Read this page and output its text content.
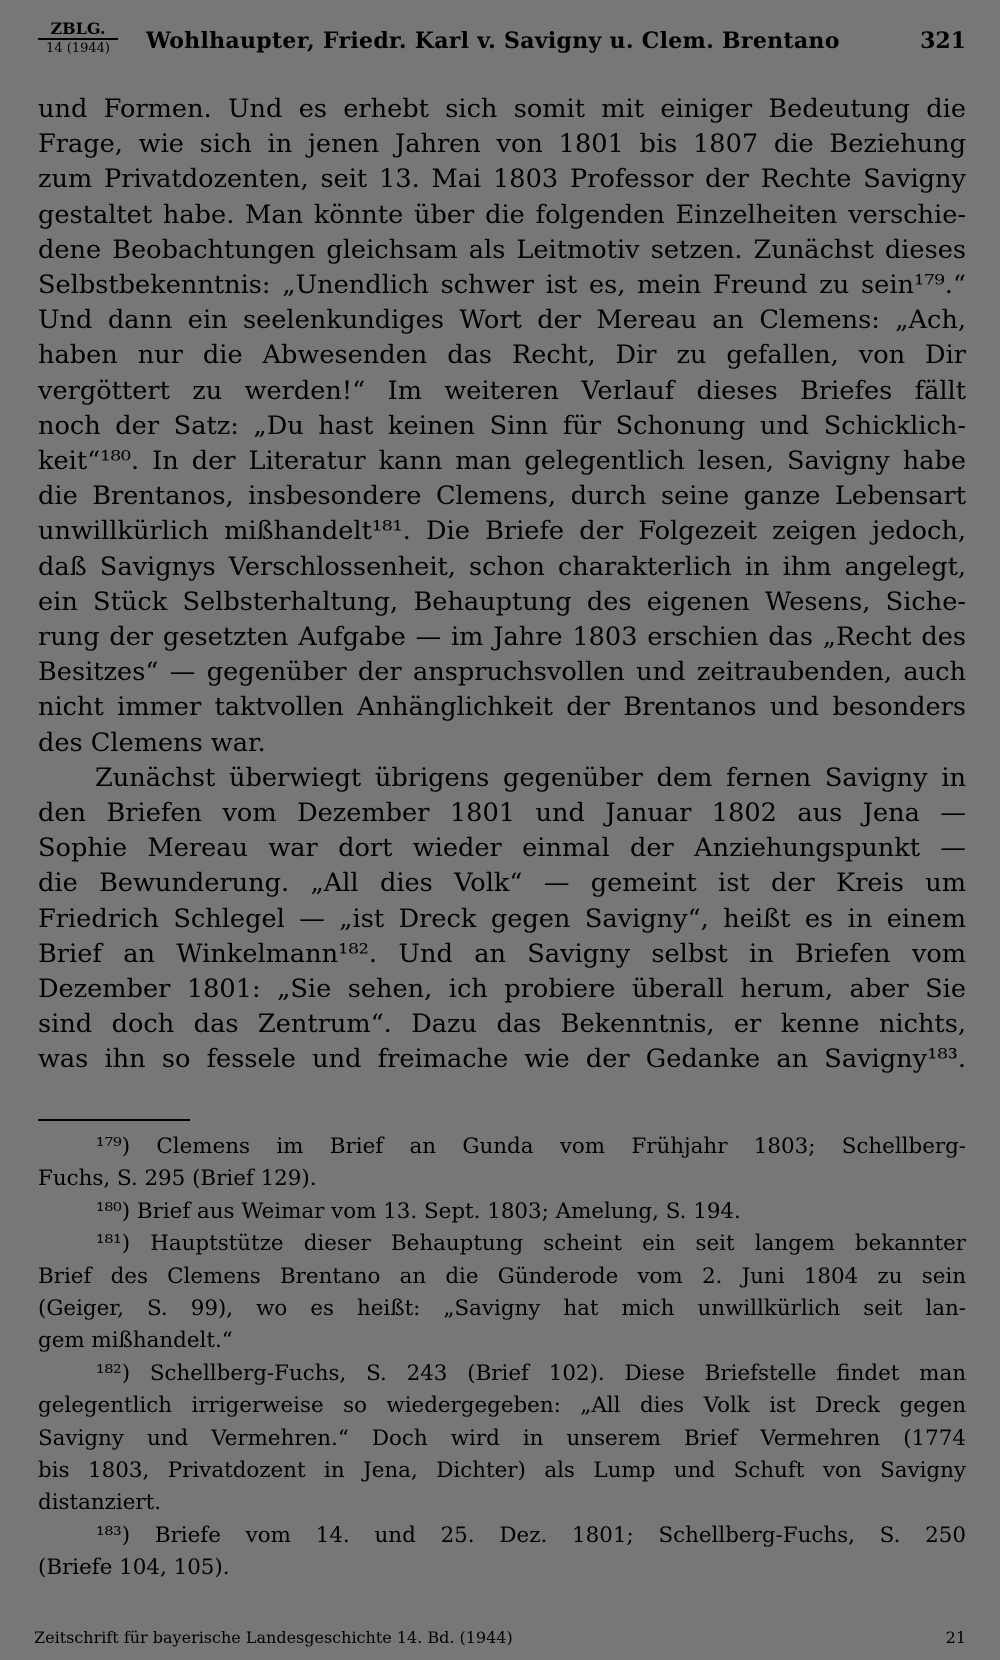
ZBLG.
14 (1944)	Wohlhaupter, Friedr. Karl v. Savigny u. Clem. Brentano	321
und Formen. Und es erhebt sich somit mit einiger Bedeutung die
Frage, wie sich in jenen Jahren von 1801 bis 1807 die Beziehung
zum Privatdozenten, seit 13. Mai 1803 Professor der Rechte Savigny
gestaltet habe. Man könnte über die folgenden Einzelheiten verschie-
dene Beobachtungen gleichsam als Leitmotiv setzen. Zunächst dieses
Selbstbekenntnis: „Unendlich schwer ist es, mein Freund zu sein¹⁷⁹.“
Und dann ein seelenkundiges Wort der Mereau an Clemens: „Ach,
haben nur die Abwesenden das Recht, Dir zu gefallen, von Dir
vergöttert zu werden!“ Im weiteren Verlauf dieses Briefes fällt
noch der Satz: „Du hast keinen Sinn für Schonung und Schicklich-
keit“¹⁸⁰. In der Literatur kann man gelegentlich lesen, Savigny habe
die Brentanos, insbesondere Clemens, durch seine ganze Lebensart
unwillkürlich mißhandelt¹⁸¹. Die Briefe der Folgezeit zeigen jedoch,
daß Savignys Verschlossenheit, schon charakterlich in ihm angelegt,
ein Stück Selbsterhaltung, Behauptung des eigenen Wesens, Siche-
rung der gesetzten Aufgabe — im Jahre 1803 erschien das „Recht des
Besitzes“ — gegenüber der anspruchsvollen und zeitraubenden, auch
nicht immer taktvollen Anhänglichkeit der Brentanos und besonders
des Clemens war.
Zunächst überwiegt übrigens gegenüber dem fernen Savigny in
den Briefen vom Dezember 1801 und Januar 1802 aus Jena —
Sophie Mereau war dort wieder einmal der Anziehungspunkt —
die Bewunderung. „All dies Volk“ — gemeint ist der Kreis um
Friedrich Schlegel — „ist Dreck gegen Savigny“, heißt es in einem
Brief an Winkelmann¹⁸². Und an Savigny selbst in Briefen vom
Dezember 1801: „Sie sehen, ich probiere überall herum, aber Sie
sind doch das Zentrum“. Dazu das Bekenntnis, er kenne nichts,
was ihn so fessele und freimache wie der Gedanke an Savigny¹⁸³.
¹⁷⁹) Clemens im Brief an Gunda vom Frühjahr 1803; Schellberg-
Fuchs, S. 295 (Brief 129).
¹⁸⁰) Brief aus Weimar vom 13. Sept. 1803; Amelung, S. 194.
¹⁸¹) Hauptstütze dieser Behauptung scheint ein seit langem bekannter
Brief des Clemens Brentano an die Günderode vom 2. Juni 1804 zu sein
(Geiger, S. 99), wo es heißt: „Savigny hat mich unwillkürlich seit lan-
gem mißhandelt.“
¹⁸²) Schellberg-Fuchs, S. 243 (Brief 102). Diese Briefstelle findet man
gelegentlich irrigerweise so wiedergegeben: „All dies Volk ist Dreck gegen
Savigny und Vermehren.“ Doch wird in unserem Brief Vermehren (1774
bis 1803, Privatdozent in Jena, Dichter) als Lump und Schuft von Savigny
distanziert.
¹⁸³) Briefe vom 14. und 25. Dez. 1801; Schellberg-Fuchs, S. 250
(Briefe 104, 105).
Zeitschrift für bayerische Landesgeschichte 14. Bd. (1944)	21
